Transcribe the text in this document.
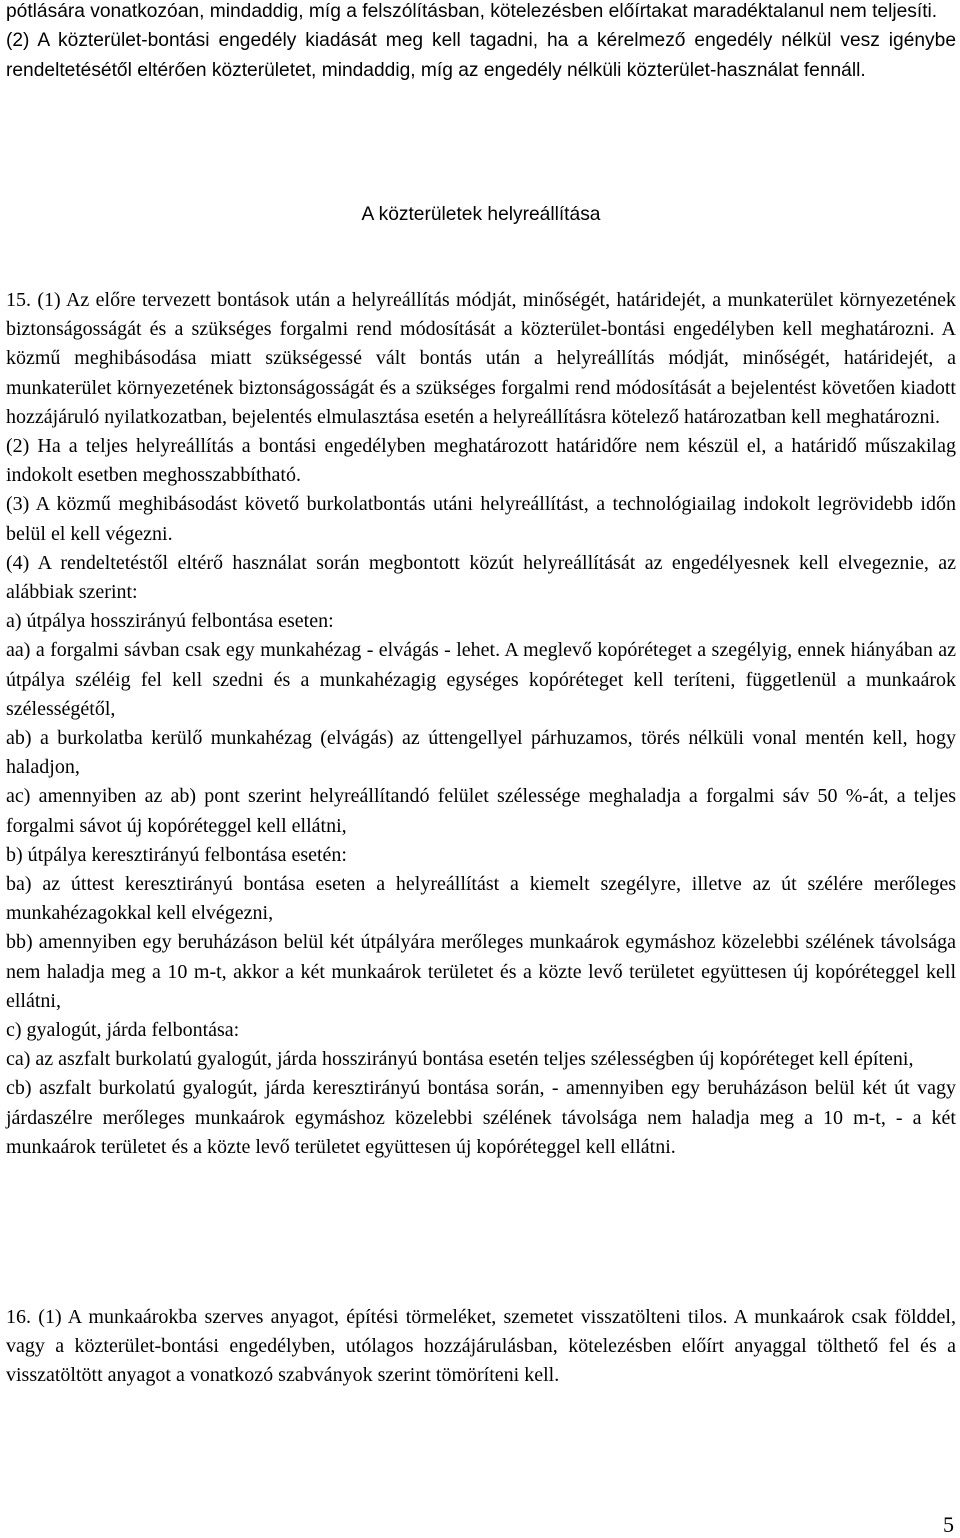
pótlására vonatkozóan, mindaddig, míg a felszólításban, kötelezésben előírtakat maradéktalanul nem teljesíti.

(2) A közterület-bontási engedély kiadását meg kell tagadni, ha a kérelmező engedély nélkül vesz igénybe rendeltetésétől eltérően közterületet, mindaddig, míg az engedély nélküli közterület-használat fennáll.

A közterületek helyreállítása

15. (1) Az előre tervezett bontások után a helyreállítás módját, minőségét, határidejét, a munkaterület környezetének biztonságosságát és a szükséges forgalmi rend módosítását a közterület-bontási engedélyben kell meghatározni. A közmű meghibásodása miatt szükségessé vált bontás után a helyreállítás módját, minőségét, határidejét, a munkaterület környezetének biztonságosságát és a szükséges forgalmi rend módosítását a bejelentést követően kiadott hozzájáruló nyilatkozatban, bejelentés elmulasztása esetén a helyreállításra kötelező határozatban kell meghatározni.

(2) Ha a teljes helyreállítás a bontási engedélyben meghatározott határidőre nem készül el, a határidő műszakilag indokolt esetben meghosszabbítható.

(3) A közmű meghibásodást követő burkolatbontás utáni helyreállítást, a technológiailag indokolt legrövidebb időn belül el kell végezni.

(4) A rendeltetéstől eltérő használat során megbontott közút helyreállítását az engedélyesnek kell elvegeznie, az alábbiak szerint:

a) útpálya hosszirányú felbontása eseten:

aa) a forgalmi sávban csak egy munkahézag - elvágás - lehet. A meglevő kopóréteget a szegélyig, ennek hiányában az útpálya széléig fel kell szedni és a munkahézagig egységes kopóréteget kell teríteni, függetlenül a munkaárok szélességétől,

ab) a burkolatba kerülő munkahézag (elvágás) az úttengellyel párhuzamos, törés nélküli vonal mentén kell, hogy haladjon,

ac) amennyiben az ab) pont szerint helyreállítandó felület szélessége meghaladja a forgalmi sáv 50 %-át, a teljes forgalmi sávot új kopóréteggel kell ellátni,

b) útpálya keresztirányú felbontása esetén:

ba) az úttest keresztirányú bontása eseten a helyreállítást a kiemelt szegélyre, illetve az út szélére merőleges munkahézagokkal kell elvégezni,

bb) amennyiben egy beruházáson belül két útpályára merőleges munkaárok egymáshoz közelebbi szélének távolsága nem haladja meg a 10 m-t, akkor a két munkaárok területet és a közte levő területet együttesen új kopóréteggel kell ellátni,

c) gyalogút, járda felbontása:

ca) az aszfalt burkolatú gyalogút, járda hosszirányú bontása esetén teljes szélességben új kopóréteget kell építeni,

cb) aszfalt burkolatú gyalogút, járda keresztirányú bontása során, - amennyiben egy beruházáson belül két út vagy járdaszélre merőleges munkaárok egymáshoz közelebbi szélének távolsága nem haladja meg a 10 m-t, - a két munkaárok területet és a közte levő területet együttesen új kopóréteggel kell ellátni.

16. (1) A munkaárokba szerves anyagot, építési törmeléket, szemetet visszatölteni tilos. A munkaárok csak földdel, vagy a közterület-bontási engedélyben, utólagos hozzájárulásban, kötelezésben előírt anyaggal tölthető fel és a visszatöltött anyagot a vonatkozó szabványok szerint tömöríteni kell.

5
